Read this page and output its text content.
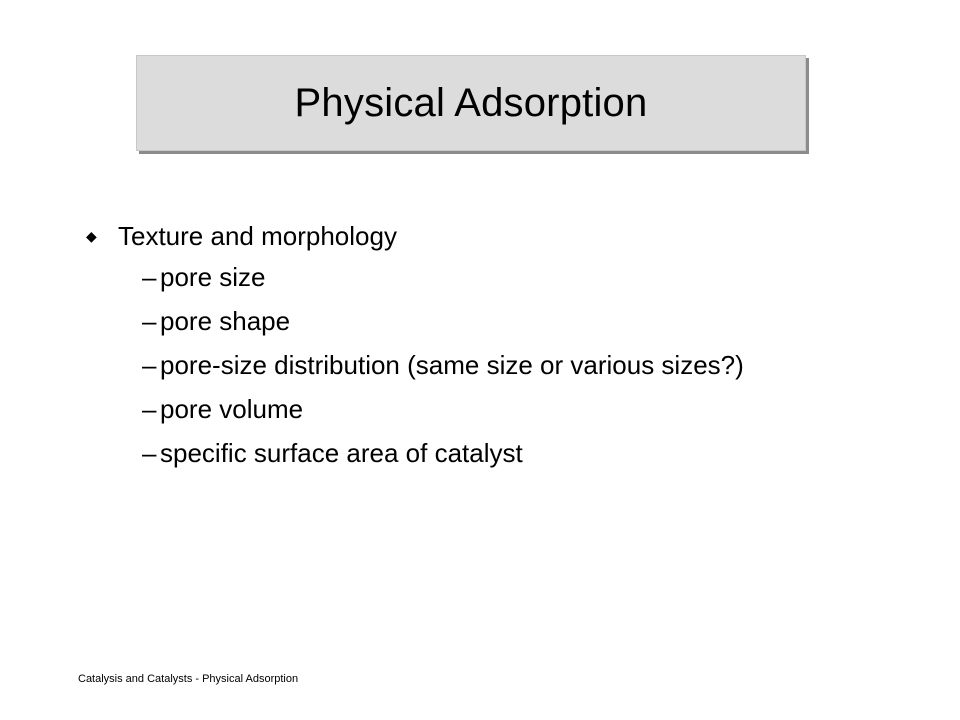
Physical Adsorption
◆ Texture and morphology
– pore size
– pore shape
– pore-size distribution (same size or various sizes?)
– pore volume
– specific surface area of catalyst
Catalysis and Catalysts - Physical Adsorption
